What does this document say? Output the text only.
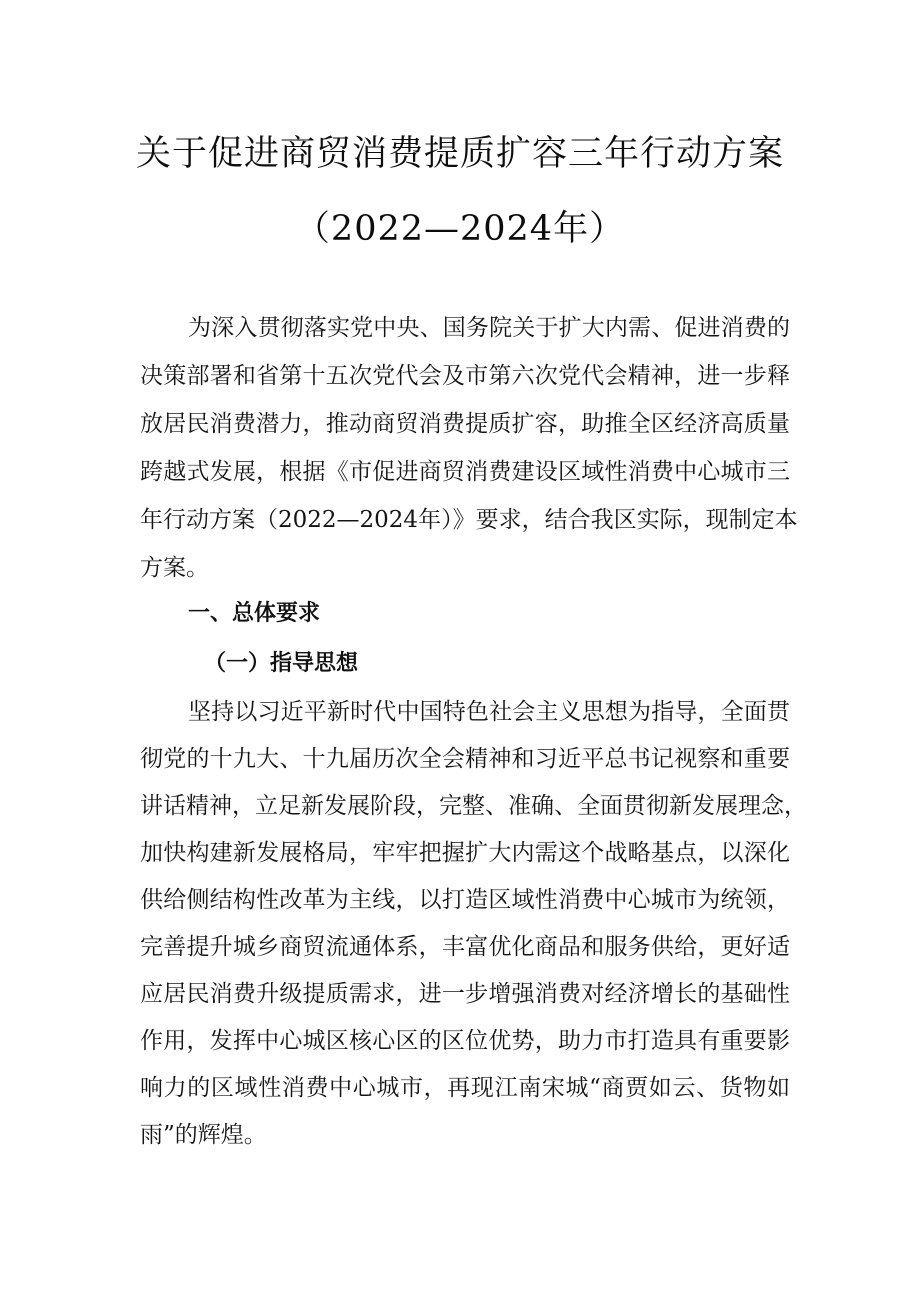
关于促进商贸消费提质扩容三年行动方案
（2022—2024年）
为深入贯彻落实党中央、国务院关于扩大内需、促进消费的
决策部署和省第十五次党代会及市第六次党代会精神，进一步释
放居民消费潜力，推动商贸消费提质扩容，助推全区经济高质量
跨越式发展，根据《市促进商贸消费建设区域性消费中心城市三
年行动方案（2022—2024年）》要求，结合我区实际，现制定本
方案。
一、总体要求
（一）指导思想
坚持以习近平新时代中国特色社会主义思想为指导，全面贯
彻党的十九大、十九届历次全会精神和习近平总书记视察和重要
讲话精神，立足新发展阶段，完整、准确、全面贯彻新发展理念，
加快构建新发展格局，牢牢把握扩大内需这个战略基点，以深化
供给侧结构性改革为主线，以打造区域性消费中心城市为统领，
完善提升城乡商贸流通体系，丰富优化商品和服务供给，更好适
应居民消费升级提质需求，进一步增强消费对经济增长的基础性
作用，发挥中心城区核心区的区位优势，助力市打造具有重要影
响力的区域性消费中心城市，再现江南宋城“商贾如云、货物如
雨”的辉煌。
